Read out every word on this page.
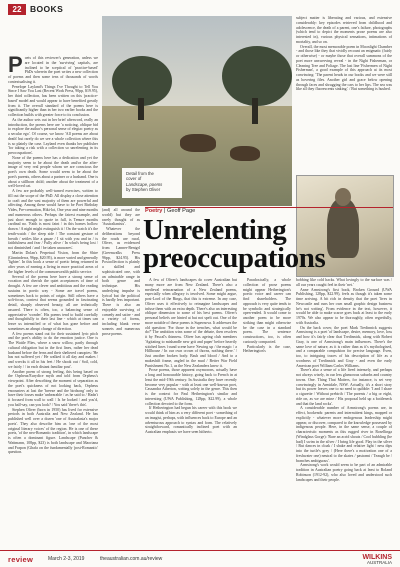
22	BOOKS

Poets of this reviewer's generation, unless we are located in the 'surviving' capitals, are inclined to be sceptical of 'practice-based' PhDs wherein the poet writes a new collection of poems and then some tens of thousands of words contextualising it.

Penelope Layland's Things I've Thought to Tell You Since I Saw You Last (Recent Work Press, 90pp, $19.95), her third collection, has been written on this 'practice-based' model and would appear to have benefited greatly from it. The overall standard of the poems here is significantly higher than in her two earlier books and the collection builds with greater force to its conclusion.

As the author sets out in her brief afterword, really an introduction, the poems here are 'a noticing, oblique bid to explore the author's personal sense of elegiac poetry as a secular ego'. Of course, we know 'All poems are about death' but rarely do we see a whole collection where this is so plainly the case. Layland even thanks her publisher 'for taking a risk with a collection so unrelenting in its preoccupations'.

None of the poems here has a dedication and yet the majority seem to be about the death and/or the after-image of very real people whom we are conscious the poet's own death. Some would seem to be about the poet's parents, others about a partner or a husband. One is about a stillborn child; another about the treatment of a well-loved cat.

A few are probably well-turned exercises, written to fill out the scope of the PhD. All display a close attention to craft and the vast majority of them are powerful and affecting. Among these would have to be Poet Birthday Vides, Pre-cremation, Hiki-lot, One year and nine months and numerous others. Perhaps the fairest example, and just short enough to quote in full, is Tenure months cardinal no. 'Faith is most faint / in this homes hollow drawn / A night might extinguish it / On the watch it's the tenth-watch / the sleep side / The constant gesture of breath / settles like a gauze / I sit with you and in / is faithfulness and fear / Fully alive / In what's being lost / not diminished / and / be taken unawares'.

Martin Dolan's Perpetual Vision, from the Shire (Ginninderra, 96pp, $20.95), is more varied and generally 'lighter'. In this book a sense of poetic being returned in after years of earning a living in more practical areas of the higher levels of the commonwealth public service.

Several of the poems here have a strong sense of vocation and cherish the quiet acceptances of time of drought. A few are clever and ambitious and the reading sustains in poetic way - Some are travel poems, sometimes back to points of origin. Still others have a soft-focus, context that seems grounded in fascinating detail, sharply observed beauty, all are technically assured. There is often, too, a balancing sense of appreciative 'wonder'. His poems tend to build carefully and thoughtfully to their last line - which at times can leave us intensified or of what has gone before and sometimes an abrupt change of direction.

A few poems stand out for their sustained lyric pitch and the poet's ability to do the emotion justice. One is The Wattle Flies, where a snow willow, partly through cultural obligation but in the first lines, rather her dead husband before the ferns and their sheltered canopies: 'He has not suffered yet / He walked it all day and makes / and wrecks it all in his feet / He shook out / Soil, cold, we fairly / / in each distant familiar post'.

Another poem of strong feeling, this being based on the Orpheus/Eurydice myth and told from Orpheus's viewpoint. After describing the moment of separation as the poet's quickness of not looking back, Orpheus encounters at last the 'breeze and the birdsong' only to have their losses make 'unbearable / as he said to / Hadn't it focused from wall to wall / Is he looked / and you'd, you half-say, can you look? / You said 'there's this'.

Stephen Oliver (born in 1950) has lived for extensive periods in both Australia and New Zealand. He has published well over a dozen 'one of Australasia's major poets'. They also describe him as 'one of the most original literary voices' of the region. He is one of these poets, 'of the neo-Romantic tradition', in which landscape is often a dominant figure. Landscape (Puncher & Wattmann, 108pp, $23) is both landscape and Maoriana and Frapon (Ghafa on the fundamentally 'post-Romantic' question.

(and) all around the world) but they are rarely thought of as 'Australianists'.

Whatever the deliberations beyond the roads are rural, Oliver, as evidenced from Lanner-Bentgrl (Greenwalks Press 96pp, $24.95). His Postcollection is plainly a skilled and sophisticated one, with an admirable range in both genre and technique. His underlying impulse is lyrical but the political is hardly less important. There is also an enjoyable surviving of comedy and satire - and a variety of forms, including blank verse sonnets and numerous prose poems.

Detail from the
cover of
Landscape, poems
by Stephen Oliver

subject matter is liberating and various, and extensive considerably: key episodes retrieved from childhood and adolescence, the death of a parent, one's failure, photographs (which tend to depict the moments prose poems are also interested in), various physical sensations, intimations of mortality, and so on.

Overall, the most memorable poem in Moonlight Chamber - and those like they that vividly recount an enigmatic (fairly or otherwise) - or maybe those that overall summons of the poet more unswerving reveal - in the Night Fisherman, or Cleaning Tree and Foliage. The last line 'Fishermen of Night Fisherman', a good example of this approach at its most convincing: 'The parent heads in our books and we were still as hovering files. Another girl and grace below opening through faces and shrugging the cars to her lips. The sea was like all they fluorescents sinking.' / But something is hushed.

Poetry | Geoff Page
Unrelenting
preoccupations

A few of Oliver's landscapes do cover Australian but many more are from New Zealand. There's also a medieval reincarnation of a New Zealand poems, especially when allegory is involved. Some might argue, post-Lord of the Rings, that this is extreme. In any case, Oliver uses it effectively to reimagine landscapes and infuse them with an extra depth. There's also an interesting oblique dimension to some of his best poems. Oliver's personal beliefs are hinted at but not spelt out. One of the more notable of these poems is Supernova. It addresses the old question: 'For those in the trenches, what would be do?' The ambition wins some of the debate, then resolves it by Pascal's thinness. Oliver has ageing club members 'Agitating to mishandle new grit and paper' before heavily stitched lines 'round scene have 'Sewing up / the magic / a Hillhouse / In our own crown of thorns, nothing there.' / Just another broken body. Bash and blood / And to a makeshift frame, angled in the mud / Better War Field Punishment No.1, as the New Zealanders knew it.

Prose poems, those apparent oxymorons, actually have a long and honourable history, going back to French in at least the mid-19th century. In Australia they have recently become very popular - with at least one well-known poet, Cassandra Atherton, writing solely in the genre. This then is the context for Paul Hetherington's similar and interesting (UWA Publishing, 128pp, $22.99), a whole collection devoted to the form.

If Hetherington had begun his career with this book we would think of him as a very different poet - something of an imagist, perhaps, with influences back to Europe and an adventurous approach to syntax and form. The relatively straightforward, romantically inclined poet with an Australian emphasis we have seen hitherto.

Paradoxically, a whole collection of prose poems might appear Hetherington's poetic voice and career can find shareholders. The approach is very quite tends to be symbolic and strategically open-ended. It would come to another poem to be more striking than might otherwise be the case in a standard poem. The sentence constructions, too, is often curiously compacted.

Particularly is the case, Hetherington's

bobbing like cold hacks. What lovingly to the surface was / all our years caught feel in their 'net.'

Anne Armstrong's first book, Broken Ground (UWA Publishing, 128pp, $22.99), feels as though it's taken some time arriving. A bit rich in density that the poet 'lives in Newcastle and runs her own small graphic design business he's not writing'. From evidence in the text, however, it would be able to make scarce goes back at least to the early 1970s. We also appear to be thoroughly, often regretfully, with Australia.

On the back cover, the poet Mark Tredinnick suggests Armstrong is a poet 'of landscape, desire, memory, love, loss and how it's fairly clear that Tredinnick, along with Robert Gray, is one of Armstrong's main influences. There's the same love of nature, as it is rather than as it's mythologised, and a comparable compulsion for precise language. Even, too, to intriguing traces of his description of life as a wordness of Tredinnick and Gray - and even the early American poet William Carlos Williams.

There's also a sense of a life lived intensely, and perhaps not always wisely, in our less glamorous suburbs and country towns. One. Thing That Matters, for instance, is set very convincingly in Armidale, NSW. Actually, it's a short story but its power leaves one to no need to quibble: 'I and I share a cigarette / Without prebirth / The parents / a big or eight, ride on, as we are mine / His proposal held up a bottleneck and that the land rocks'.

A considerable number of Armstrong's poems are, in effect, bookends: parents and intermittent kings, mapped or explicitly - whatever more endogenous leadership might appear, or discover, compared to the knowledge possessed by indigenous people. Here, in the same sense, a couple of characteristic moments as this rugged river in Rosellinga (Windglass Gorge): 'Rare an acrid shouts / Cool bubbling (he had) I swim in the silver / I bring life good. Play in the silver / But dances in cloak / I shake and relative light / ness dips into the turtle's grey / (Here there's a motivation one of a freshwater one) neutral to the skates / pastrami / Teaugh be / branches ambiguous'.

Armstrong's work would seem to be part of an admirable tradition in Australian poetry going back at least to Roland Robinson (1912-92), who also loved and understood such landscapes and their people.

review	March 2-3, 2019	theaustralian.com.au/review	WILKINS
AUSTRALIA
